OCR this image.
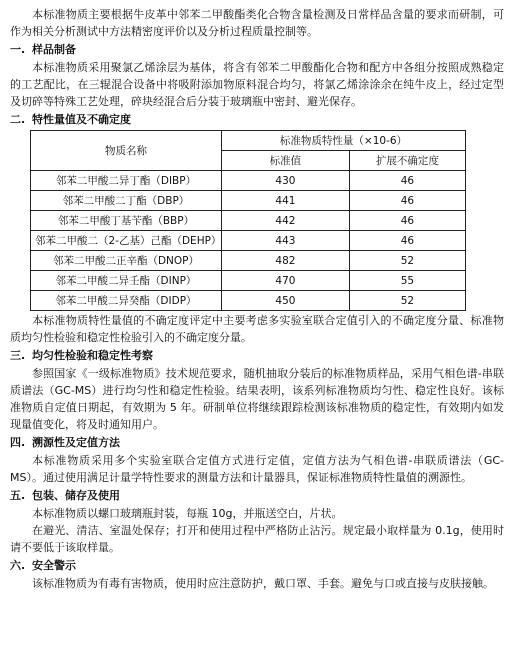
本标准物质主要根据牛皮革中邻苯二甲酸酯类化合物含量检测及日常样品含量的要求而研制，可作为相关分析测试中方法精密度评价以及分析过程质量控制等。

一. 样品制备

本标准物质采用聚氯乙烯涂层为基体，将含有邻苯二甲酸酯化合物和配方中各组分按照成熟稳定的工艺配比，在三辊混合设备中将吸附添加物原料混合均匀，将氯乙烯涂涂余在纯牛皮上，经过定型及切碎等特殊工艺处理，碎块经混合后分装于玻璃瓶中密封、避光保存。

二. 特性量值及不确定度
物质名称	标准物质特性量（×10-6）	
	标准值	扩展不确定度
邻苯二甲酸二异丁酯（DIBP）	430	46
邻苯二甲酸二丁酯（DBP）	441	46
邻苯二甲酸丁基苄酯（BBP）	442	46
邻苯二甲酸二（2-乙基）己酯（DEHP）	443	46
邻苯二甲酸二正辛酯（DNOP）	482	52
邻苯二甲酸二异壬酯（DINP）	470	55
邻苯二甲酸二异癸酯（DIDP）	450	52

本标准物质特性量值的不确定度评定中主要考虑多实验室联合定值引入的不确定度分量、标准物质均匀性检验和稳定性检验引入的不确定度分量。

三. 均匀性检验和稳定性考察

参照国家《一级标准物质》技术规范要求，随机抽取分装后的标准物质样品，采用气相色谱-串联质谱法（GC-MS）进行均匀性和稳定性检验。结果表明，该系列标准物质均匀性、稳定性良好。该标准物质自定值日期起，有效期为 5 年。研制单位将继续跟踪检测该标准物质的稳定性，有效期内如发现量值变化，将及时通知用户。

四. 溯源性及定值方法

本标准物质采用多个实验室联合定值方式进行定值，定值方法为气相色谱-串联质谱法（GC-MS）。通过使用满足计量学特性要求的测量方法和计量器具，保证标准物质特性量值的溯源性。

五. 包装、储存及使用

本标准物质以螺口玻璃瓶封装，每瓶 10g，并瓶送空白，片状。

在避光、清洁、室温处保存；打开和使用过程中严格防止沾污。规定最小取样量为 0.1g，使用时请不要低于该取样量。

六. 安全警示

该标准物质为有毒有害物质，使用时应注意防护，戴口罩、手套。避免与口或直接与皮肤接触。
